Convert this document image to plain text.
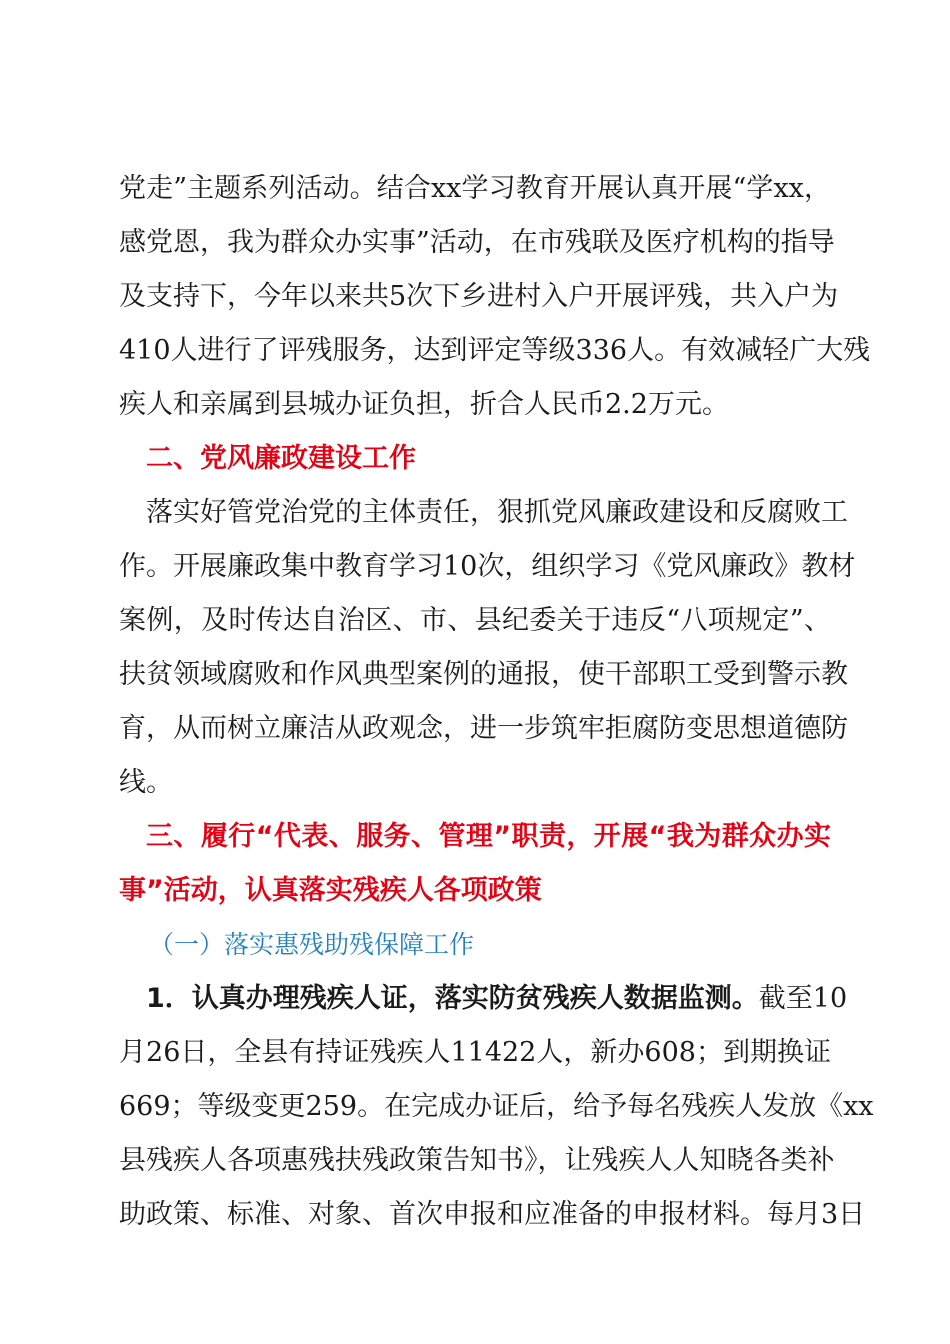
党走”主题系列活动。结合xx学习教育开展认真开展“学xx，
感党恩，我为群众办实事”活动，在市残联及医疗机构的指导
及支持下，今年以来共5次下乡进村入户开展评残，共入户为
410人进行了评残服务，达到评定等级336人。有效减轻广大残
疾人和亲属到县城办证负担，折合人民币2.2万元。
二、党风廉政建设工作
落实好管党治党的主体责任，狠抓党风廉政建设和反腐败工
作。开展廉政集中教育学习10次，组织学习《党风廉政》教材
案例，及时传达自治区、市、县纪委关于违反“八项规定”、
扶贫领域腐败和作风典型案例的通报，使干部职工受到警示教
育，从而树立廉洁从政观念，进一步筑牢拒腐防变思想道德防
线。
三、履行“代表、服务、管理”职责，开展“我为群众办实
事”活动，认真落实残疾人各项政策
（一）落实惠残助残保障工作
1．认真办理残疾人证，落实防贫残疾人数据监测。截至10
月26日，全县有持证残疾人11422人，新办608；到期换证
669；等级变更259。在完成办证后，给予每名残疾人发放《xx
县残疾人各项惠残扶残政策告知书》，让残疾人人知晓各类补
助政策、标准、对象、首次申报和应准备的申报材料。每月3日
